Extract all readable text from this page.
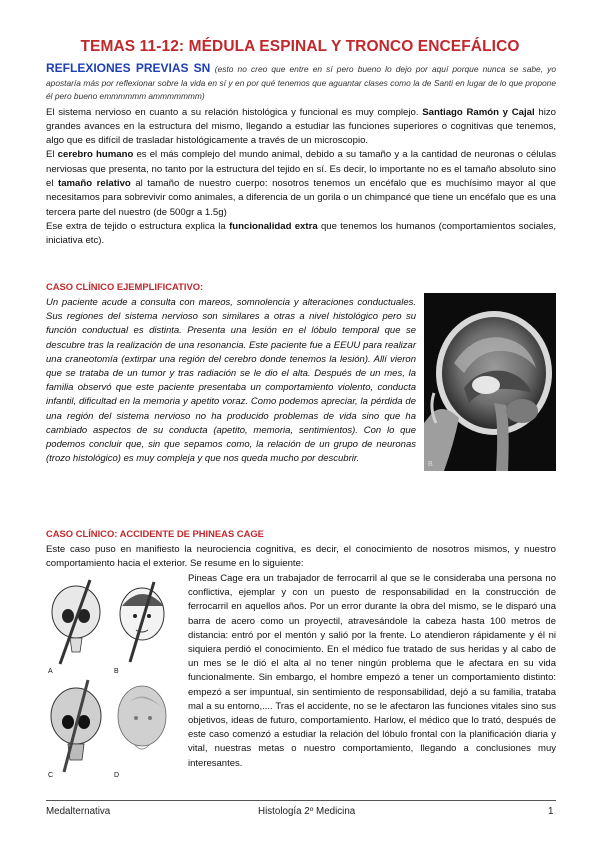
TEMAS 11-12: MÉDULA ESPINAL Y TRONCO ENCEFÁLICO

REFLEXIONES PREVIAS SN (esto no creo que entre en sí pero bueno lo dejo por aquí porque nunca se sabe, yo apostaría más por reflexionar sobre la vida en sí y en por qué tenemos que aguantar clases como la de Santi en lugar de lo que propone él pero bueno emmmmmm ammmmmmm)

El sistema nervioso en cuanto a su relación histológica y funcional es muy complejo. Santiago Ramón y Cajal hizo grandes avances en la estructura del mismo, llegando a estudiar las funciones superiores o cognitivas que tenemos, algo que es difícil de trasladar histológicamente a través de un microscopio.

El cerebro humano es el más complejo del mundo animal, debido a su tamaño y a la cantidad de neuronas o células nerviosas que presenta, no tanto por la estructura del tejido en sí. Es decir, lo importante no es el tamaño absoluto sino el tamaño relativo al tamaño de nuestro cuerpo: nosotros tenemos un encéfalo que es muchísimo mayor al que necesitamos para sobrevivir como animales, a diferencia de un gorila o un chimpancé que tiene un encéfalo que es una tercera parte del nuestro (de 500gr a 1.5g)

Ese extra de tejido o estructura explica la funcionalidad extra que tenemos los humanos (comportamientos sociales, iniciativa etc).

CASO CLÍNICO EJEMPLIFICATIVO:
Un paciente acude a consulta con mareos, somnolencia y alteraciones conductuales. Sus regiones del sistema nervioso son similares a otras a nivel histológico pero su función conductual es distinta. Presenta una lesión en el lóbulo temporal que se descubre tras la realización de una resonancia. Este paciente fue a EEUU para realizar una craneotomía (extirpar una región del cerebro donde tenemos la lesión). Allí vieron que se trataba de un tumor y tras radiación se le dio el alta. Después de un mes, la familia observó que este paciente presentaba un comportamiento violento, conducta infantil, dificultad en la memoria y apetito voraz. Como podemos apreciar, la pérdida de una región del sistema nervioso no ha producido problemas de vida sino que ha cambiado aspectos de su conducta (apetito, memoria, sentimientos). Con lo que podemos concluir que, sin que sepamos como, la relación de un grupo de neuronas (trozo histológico) es muy compleja y que nos queda mucho por descubrir.
B
CASO CLÍNICO: ACCIDENTE DE PHINEAS CAGE
Este caso puso en manifiesto la neurociencia cognitiva, es decir, el conocimiento de nosotros mismos, y nuestro comportamiento hacia el exterior. Se resume en lo siguiente:
A	B
C	D
Pineas Cage era un trabajador de ferrocarril al que se le consideraba una persona no conflictiva, ejemplar y con un puesto de responsabilidad en la construcción de ferrocarril en aquellos años. Por un error durante la obra del mismo, se le disparó una barra de acero como un proyectil, atravesándole la cabeza hasta 100 metros de distancia: entró por el mentón y salió por la frente. Lo atendieron rápidamente y él ni siquiera perdió el conocimiento. En el médico fue tratado de sus heridas y al cabo de un mes se le dió el alta al no tener ningún problema que le afectara en su vida funcionalmente. Sin embargo, el hombre empezó a tener un comportamiento distinto: empezó a ser impuntual, sin sentimiento de responsabilidad, dejó a su familia, trataba mal a su entorno,.... Tras el accidente, no se le afectaron las funciones vitales sino sus objetivos, ideas de futuro, comportamiento. Harlow, el médico que lo trató, después de este caso comenzó a estudiar la relación del lóbulo frontal con la planificación diaria y vital, nuestras metas o nuestro comportamiento, llegando a conclusiones muy interesantes.
Medalternativa	Histología 2º Medicina	1
